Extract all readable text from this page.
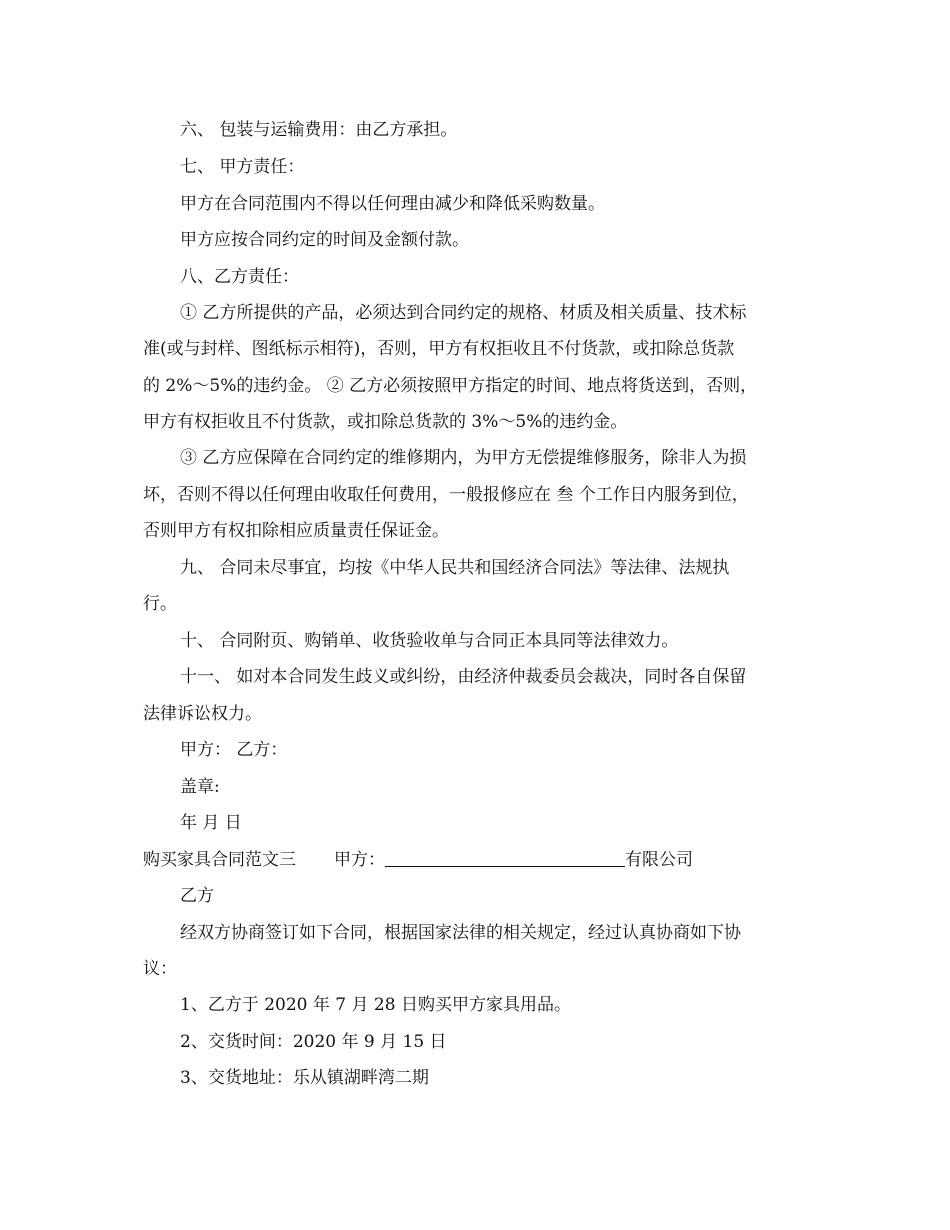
六、 包装与运输费用：由乙方承担。
七、 甲方责任：
甲方在合同范围内不得以任何理由减少和降低采购数量。
甲方应按合同约定的时间及金额付款。
八、乙方责任：
① 乙方所提供的产品，必须达到合同约定的规格、材质及相关质量、技术标
准(或与封样、图纸标示相符)，否则，甲方有权拒收且不付货款，或扣除总货款
的 2%～5%的违约金。 ② 乙方必须按照甲方指定的时间、地点将货送到，否则，
甲方有权拒收且不付货款，或扣除总货款的 3%～5%的违约金。
③ 乙方应保障在合同约定的维修期内，为甲方无偿提维修服务，除非人为损
坏，否则不得以任何理由收取任何费用，一般报修应在 叁 个工作日内服务到位，
否则甲方有权扣除相应质量责任保证金。
九、 合同未尽事宜，均按《中华人民共和国经济合同法》等法律、法规执
行。
十、 合同附页、购销单、收货验收单与合同正本具同等法律效力。
十一、 如对本合同发生歧义或纠纷，由经济仲裁委员会裁决，同时各自保留
法律诉讼权力。
甲方： 乙方：
盖章:
年 月 日
购买家具合同范文三 甲方：	有限公司
乙方
经双方协商签订如下合同，根据国家法律的相关规定，经过认真协商如下协
议：
1、乙方于 2020 年 7 月 28 日购买甲方家具用品。
2、交货时间：2020 年 9 月 15 日
3、交货地址：乐从镇湖畔湾二期
